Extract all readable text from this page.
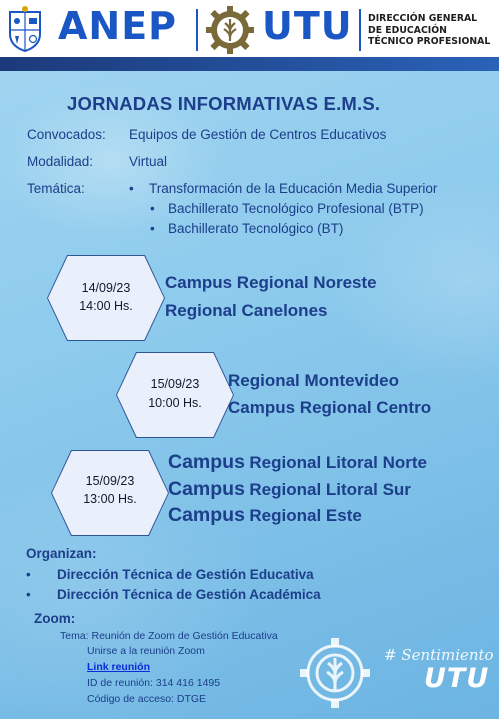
ANEP UTU DIRECCIÓN GENERAL
DE EDUCACIÓN
TÉCNICO PROFESIONAL
JORNADAS INFORMATIVAS E.M.S.
Convocados: Equipos de Gestión de Centros Educativos
Modalidad:	Virtual
Temática:	• Transformación de la Educación Media Superior
• Bachillerato Tecnológico Profesional (BTP)
• Bachillerato Tecnológico (BT)
14/09/23
14:00 Hs.
Campus Regional Noreste
Regional Canelones
15/09/23
10:00 Hs.
Regional Montevideo
Campus Regional Centro
15/09/23
13:00 Hs.
Campus Regional Litoral Norte
Campus Regional Litoral Sur
Campus Regional Este
Organizan:
• Dirección Técnica de Gestión Educativa
• Dirección Técnica de Gestión Académica
Zoom:
Tema: Reunión de Zoom de Gestión Educativa
Unirse a la reunión Zoom
Link reunión
ID de reunión: 314 416 1495
Código de acceso: DTGE
# Sentimiento
UTU
